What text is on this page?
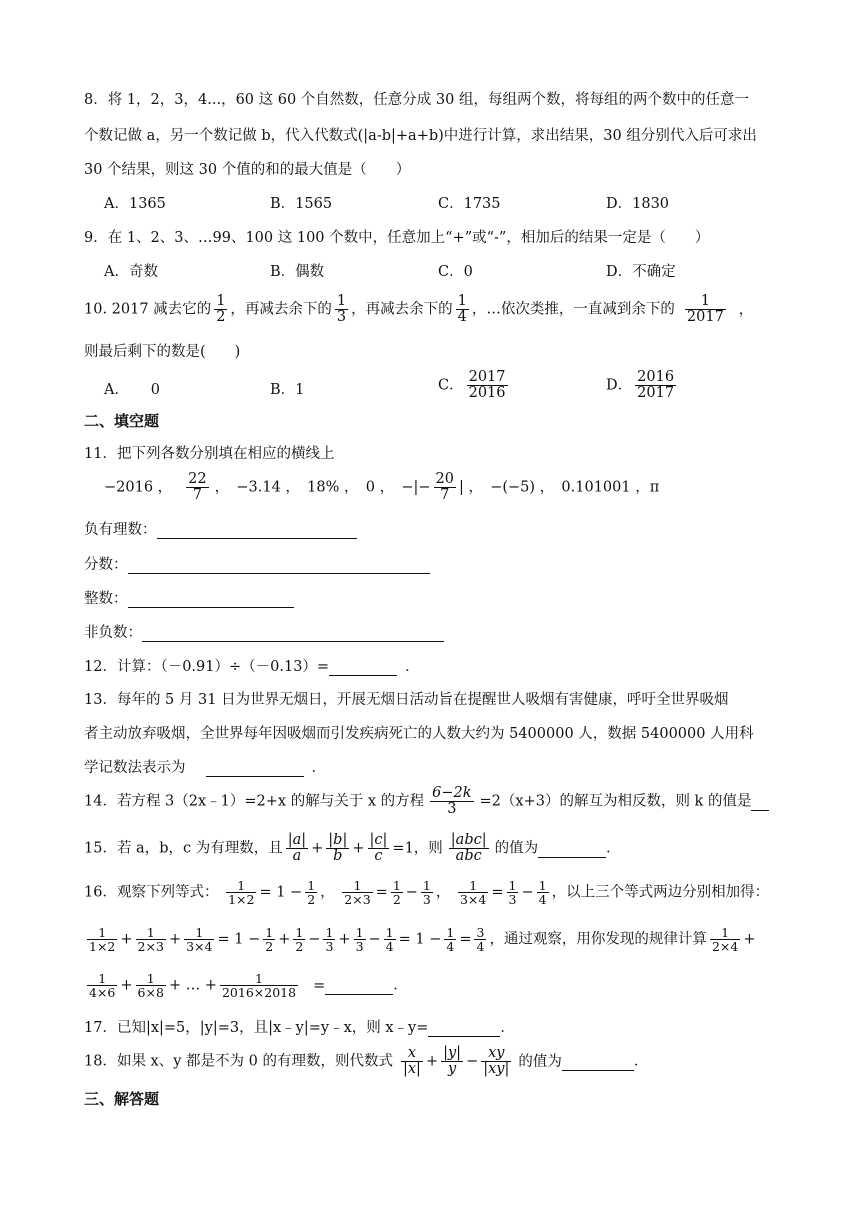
8．将 1，2，3，4...，60 这 60 个自然数，任意分成 30 组，每组两个数，将每组的两个数中的任意一
个数记做 a，另一个数记做 b，代入代数式(|a-b|+a+b)中进行计算，求出结果，30 组分别代入后可求出
30 个结果，则这 30 个值的和的最大值是（　　）
A．1365	B．1565	C．1735	D．1830
9．在 1、2、3、…99、100 这 100 个数中，任意加上“+”或“-”，相加后的结果一定是（　　）
A．奇数	B．偶数	C．0	D．不确定
10. 2017 减去它的 $\frac{1}{2}$ ，再减去余下的 $\frac{1}{3}$ ，再减去余下的 $\frac{1}{4}$ ，…依次类推，一直减到余下的 $\frac{1}{2017}$ ，
则最后剩下的数是(　　)
A．　　0	B．1	C． $\frac{2017}{2016}$	D． $\frac{2016}{2017}$
二、填空题
11．把下列各数分别填在相应的横线上
−2016 ， $\frac{22}{7}$ ，　−3.14 ，　18% ，　0 ，　−|− $\frac{20}{7}$ | ，　−(−5) ，　0.101001 ，π
负有理数：
分数：
整数：
非负数：
12．计算：（－0.91）÷（－0.13）=	．
13．每年的 5 月 31 日为世界无烟日，开展无烟日活动旨在提醒世人吸烟有害健康，呼吁全世界吸烟
者主动放弃吸烟，全世界每年因吸烟而引发疾病死亡的人数大约为 5400000 人，数据 5400000 人用科
学记数法表示为	．
14．若方程 3（2x﹣1）=2+x 的解与关于 x 的方程 $\frac{6-2k}{3} =2(x+3)$的解互为相反数，则 k 的值是
15．若 a，b，c 为有理数，且 $\frac{|a|}{a} + \frac{|b|}{b} + \frac{|c|}{c} =1$，则 $\frac{\text{|abc|}}{\text{abc}}$ 的值为	．
16．观察下列等式： $\frac{1}{1\times 2} = 1 - \frac{1}{2}$ ， $\frac{1}{2\times 3} = \frac{1}{2} - \frac{1}{3}$ ， $\frac{1}{3\times 4} = \frac{1}{3} - \frac{1}{4}$ ，以上三个等式两边分别相加得：
$\frac{1}{1\times 2} + \frac{1}{2\times 3} + \frac{1}{3\times 4} = 1 - \frac{1}{2} + \frac{1}{2} - \frac{1}{3} + \frac{1}{3} - \frac{1}{4} = 1 - \frac{1}{4} = \frac{3}{4}$ ，通过观察，用你发现的规律计算 $\frac{1}{2\times 4}$ +
$\frac{1}{4\times 6} + \frac{1}{6\times 8}$ + … + $\frac{1}{2016\times 2018}$ =	．
17．已知|x|=5，|y|=3，且|x﹣y|=y﹣x，则 x﹣y=	．
18．如果 x、y 都是不为 0 的有理数，则代数式 $\frac{x}{|x|} + \frac{|y|}{y} - \frac{xy}{|xy|}$ 的值为	．
三、解答题
